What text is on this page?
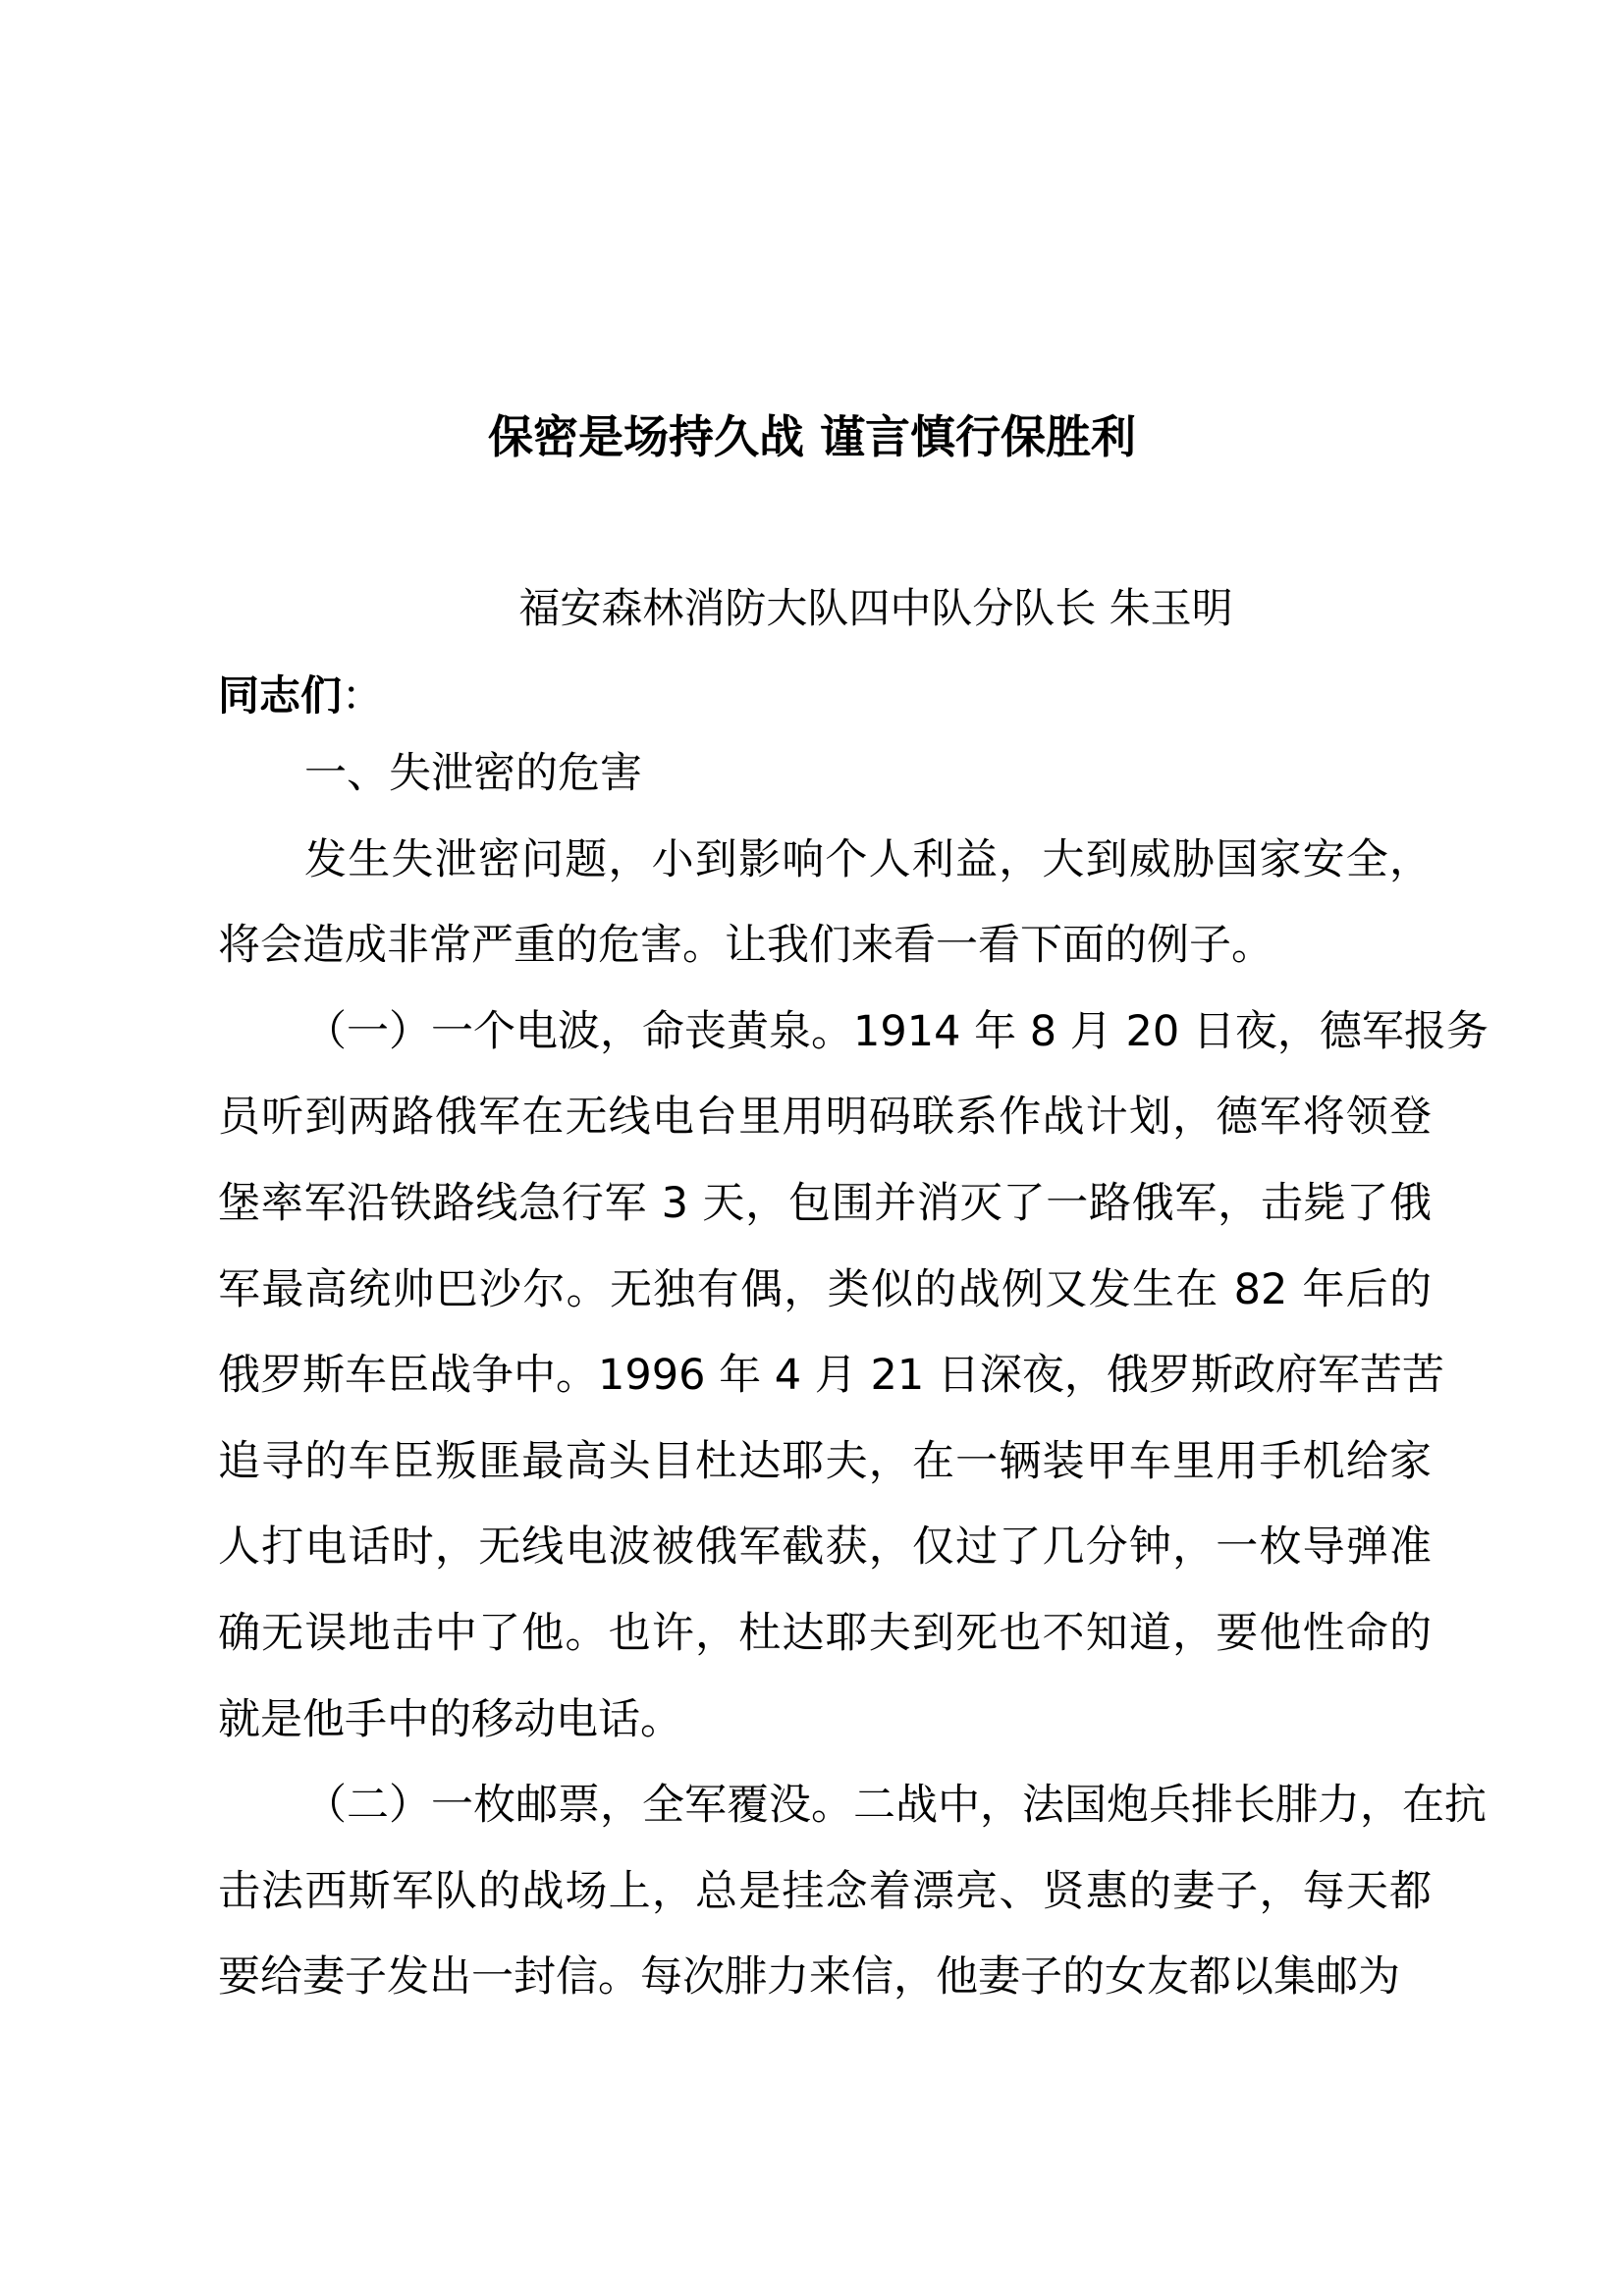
保密是场持久战 谨言慎行保胜利
福安森林消防大队四中队分队长 朱玉明
同志们：
一、失泄密的危害
发生失泄密问题，小到影响个人利益，大到威胁国家安全，
将会造成非常严重的危害。让我们来看一看下面的例子。
（一）一个电波，命丧黄泉。1914 年 8 月 20 日夜，德军报务
员听到两路俄军在无线电台里用明码联系作战计划，德军将领登
堡率军沿铁路线急行军 3 天，包围并消灭了一路俄军，击毙了俄
军最高统帅巴沙尔。无独有偶，类似的战例又发生在 82 年后的
俄罗斯车臣战争中。1996 年 4 月 21 日深夜，俄罗斯政府军苦苦
追寻的车臣叛匪最高头目杜达耶夫，在一辆装甲车里用手机给家
人打电话时，无线电波被俄军截获，仅过了几分钟，一枚导弹准
确无误地击中了他。也许，杜达耶夫到死也不知道，要他性命的
就是他手中的移动电话。
（二）一枚邮票，全军覆没。二战中，法国炮兵排长腓力，在抗
击法西斯军队的战场上，总是挂念着漂亮、贤惠的妻子，每天都
要给妻子发出一封信。每次腓力来信，他妻子的女友都以集邮为
